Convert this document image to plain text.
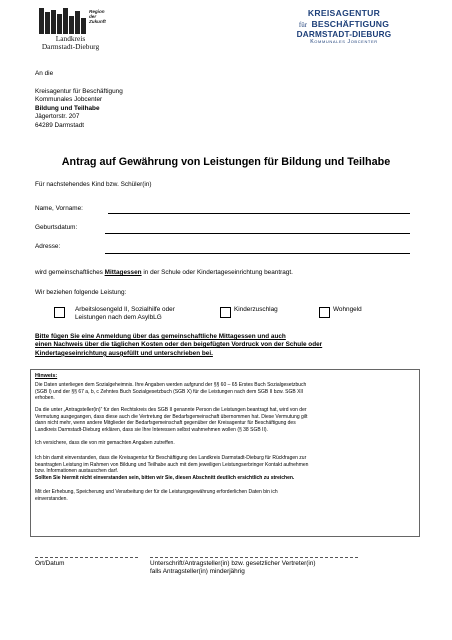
Region
der Zukunft
Landkreis
Darmstadt-Dieburg
KREISAGENTUR
für BESCHÄFTIGUNG
DARMSTADT-DIEBURG
Kommunales Jobcenter
An die
Kreisagentur für Beschäftigung
Kommunales Jobcenter
Bildung und Teilhabe
Jägertorstr. 207
64289 Darmstadt
Antrag auf Gewährung von Leistungen für Bildung und Teilhabe
Für nachstehendes Kind bzw. Schüler(in)
Name, Vorname:
Geburtsdatum:
Adresse:
wird gemeinschaftliches Mittagessen in der Schule oder Kindertageseinrichtung beantragt.
Wir beziehen folgende Leistung:
Arbeitslosengeld II, Sozialhilfe oder
Leistungen nach dem AsylbLG
Kinderzuschlag	Wohngeld
Bitte fügen Sie eine Anmeldung über das gemeinschaftliche Mittagessen und auch
einen Nachweis über die täglichen Kosten oder den beigefügten Vordruck von der Schule oder
Kindertageseinrichtung ausgefüllt und unterschrieben bei.
Hinweis:
Die Daten unterliegen dem Sozialgeheimnis. Ihre Angaben werden aufgrund der §§ 60 – 65 Erstes Buch Sozialgesetzbuch
(SGB I) und der §§ 67 a, b, c Zehntes Buch Sozialgesetzbuch (SGB X) für die Leistungen nach dem SGB II bzw. SGB XII
erhoben.
Da die unter „Antragsteller(in)“ für den Rechtskreis des SGB II genannte Person die Leistungen beantragt hat, wird von der
Vermutung ausgegangen, dass diese auch die Vertretung der Bedarfsgemeinschaft übernommen hat. Diese Vermutung gilt
dann nicht mehr, wenn andere Mitglieder der Bedarfsgemeinschaft gegenüber der Kreisagentur für Beschäftigung des
Landkreis Darmstadt-Dieburg erklären, dass sie Ihre Interessen selbst wahrnehmen wollen (§ 38 SGB II).
Ich versichere, dass die von mir gemachten Angaben zutreffen.
Ich bin damit einverstanden, dass die Kreisagentur für Beschäftigung des Landkreis Darmstadt-Dieburg für Rückfragen zur
beantragten Leistung im Rahmen von Bildung und Teilhabe auch mit dem jeweiligen Leistungserbringer Kontakt aufnehmen
bzw. Informationen austauschen darf.
Sollten Sie hiermit nicht einverstanden sein, bitten wir Sie, diesen Abschnitt deutlich ersichtlich zu streichen.
Mit der Erhebung, Speicherung und Verarbeitung der für die Leistungsgewährung erforderlichen Daten bin ich
einverstanden.
Ort/Datum	Unterschrift/Antragsteller(in) bzw. gesetzlicher Vertreter(in)
falls Antragsteller(in) minderjährig
